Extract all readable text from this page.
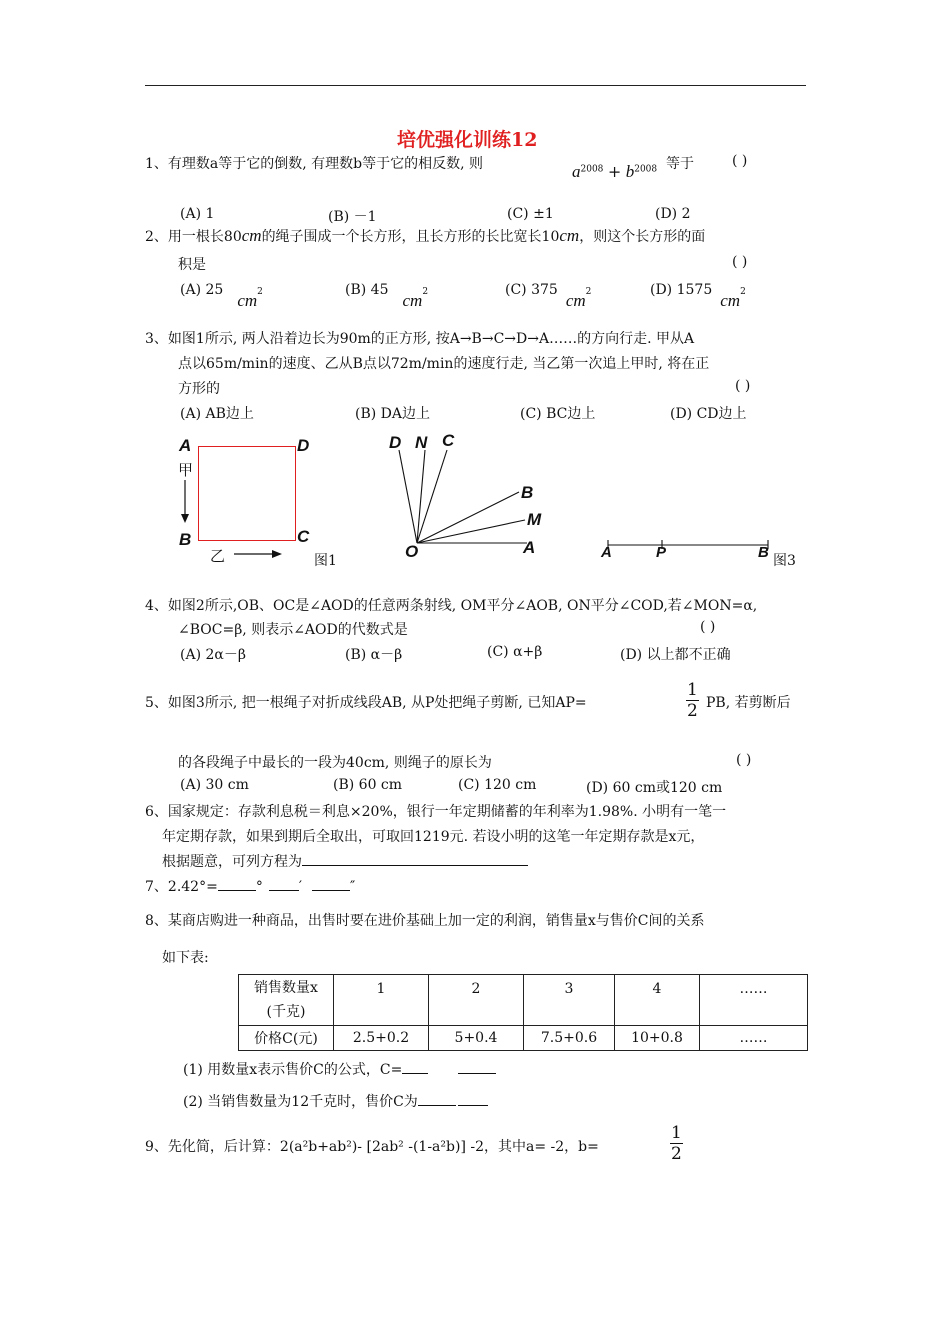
培优强化训练12
1、有理数a等于它的倒数, 有理数b等于它的相反数, 则	$a^{2008} + b^{2008}$ 等于	( )
(A) 1	(B) －1	(C) ±1	(D) 2
2、用一根长80cm的绳子围成一个长方形，且长方形的长比宽长10cm，则这个长方形的面
积是	( )
(A) $25cm^2$	(B) $45cm^2$	(C) $375cm^2$	(D) $1575cm^2$
3、如图1所示, 两人沿着边长为90m的正方形, 按A→B→C→D→A……的方向行走. 甲从A
点以65m/min的速度、乙从B点以72m/min的速度行走, 当乙第一次追上甲时, 将在正
方形的	( )
(A) AB边上	(B) DA边上	(C) BC边上	(D) CD边上
A	D
B	C
甲
乙	图1
D N C
B
M
O	A	A	P	B 图3
4、如图2所示,OB、OC是∠AOD的任意两条射线, OM平分∠AOB, ON平分∠COD,若∠MON=α,
∠BOC=β, 则表示∠AOD的代数式是	( )
(A) 2α－β	(B) α－β	(C) α+β	(D) 以上都不正确
5、如图3所示, 把一根绳子对折成线段AB, 从P处把绳子剪断, 已知AP=	$\frac{1}{2}$ PB, 若剪断后
的各段绳子中最长的一段为40cm, 则绳子的原长为	( )
(A) 30 cm	(B) 60 cm	(C) 120 cm	(D) 60 cm或120 cm
6、国家规定：存款利息税＝利息×20%，银行一年定期储蓄的年利率为1.98%. 小明有一笔一
年定期存款，如果到期后全取出，可取回1219元. 若设小明的这笔一年定期存款是x元，
根据题意，可列方程为
7、2.42°=	°	′	″
8、某商店购进一种商品，出售时要在进价基础上加一定的利润，销售量x与售价C间的关系
如下表:
销售数量x
(千克)	1	2	3	4	……
价格C(元)	2.5+0.2	5+0.4	7.5+0.6	10+0.8	……
(1) 用数量x表示售价C的公式，C=
(2) 当销售数量为12千克时，售价C为
9、先化简，后计算：2(a²b+ab²)- [2ab² -(1-a²b)] -2，其中a= -2，b=	$\frac{1}{2}$
